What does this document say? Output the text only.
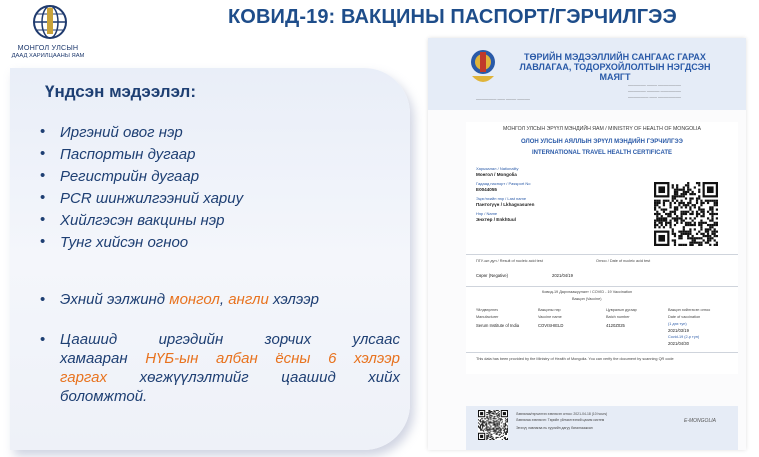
МОНГОЛ УЛСЫН
ДААД ХАРИЛЦААНЫ ЯАМ
КОВИД-19: ВАКЦИНЫ ПАСПОРТ/ГЭРЧИЛГЭЭ
Үндсэн мэдээлэл:
• Иргэний овог нэр
• Паспортын дугаар
• Регистрийн дугаар
• PCR шинжилгээний хариу
• Хийлгэсэн вакцины нэр
• Тунг хийсэн огноо
• Эхний ээлжинд монгол, англи хэлээр
• Цаашид иргэдийн зорчих улсаас
хамааран НҮБ-ын албан ёсны 6 хэлээр
гаргах хөгжүүлэлтийг цаашид хийх
боломжтой.
ТӨРИЙН МЭДЭЭЛЛИЙН САНГААС ГАРАХ ЛАВЛАГАА, ТОДОРХОЙЛОЛТЫН НЭГДСЭН МАЯГТ
МОНГОЛ УЛСЫН ЭРҮҮЛ МЭНДИЙН ЯАМ / MINISTRY OF HEALTH OF MONGOLIA
ОЛОН УЛСЫН АЯЛЛЫН ЭРҮҮЛ МЭНДИЙН ГЭРЧИЛГЭЭ
INTERNATIONAL TRAVEL HEALTH CERTIFICATE
Харьяалал / Nationality
Монгол / Mongolia
Гадаад паспорт / Passport No
E0044055
Эцэг/эхийн нэр / Last name
Пантогүүн / Lkhagvasuren
Нэр / Name
Энхтөр / Enkhtuul
ПГУ-ын дүн / Result of nucleic acid test	Огноо / Date of nucleic acid test
Сөрөг (Negative)	2021/04/19
Ковид-19 Дархлаажуулалт / COVID - 19 Vaccination
Вакцин (Vaccine)
Үйлдвэрлэгч	Вакцины нэр	Цувралын дугаар	Вакцин хийлгэсэн огноо
Manufacturer	Vaccine name	Batch number	Date of vaccination
Serum Institute of India	COVISHIELD	4120Z025	(1 дэх тун)
2021/03/19
Covid-19 (2-р тун)
2021/04/30
This data has been provided by the Ministry of Health of Mongolia. You can verify the document by scanning QR code
Лавлагаа/гэрчилгээ хэвлэсэн огноо: 2021-04-18 (10 hours)
Лавлагаа хэвлэсэн: Төрийн үйлчилгээний цахим систем
Энэхүү лавлагаа нь хуулийн дагуу баталгаажсан
E-MONGOLIA
──────── ─── ──── ─────
─────── ──── ─────────
─────── ───── ────────
──────── ─── ─────────
